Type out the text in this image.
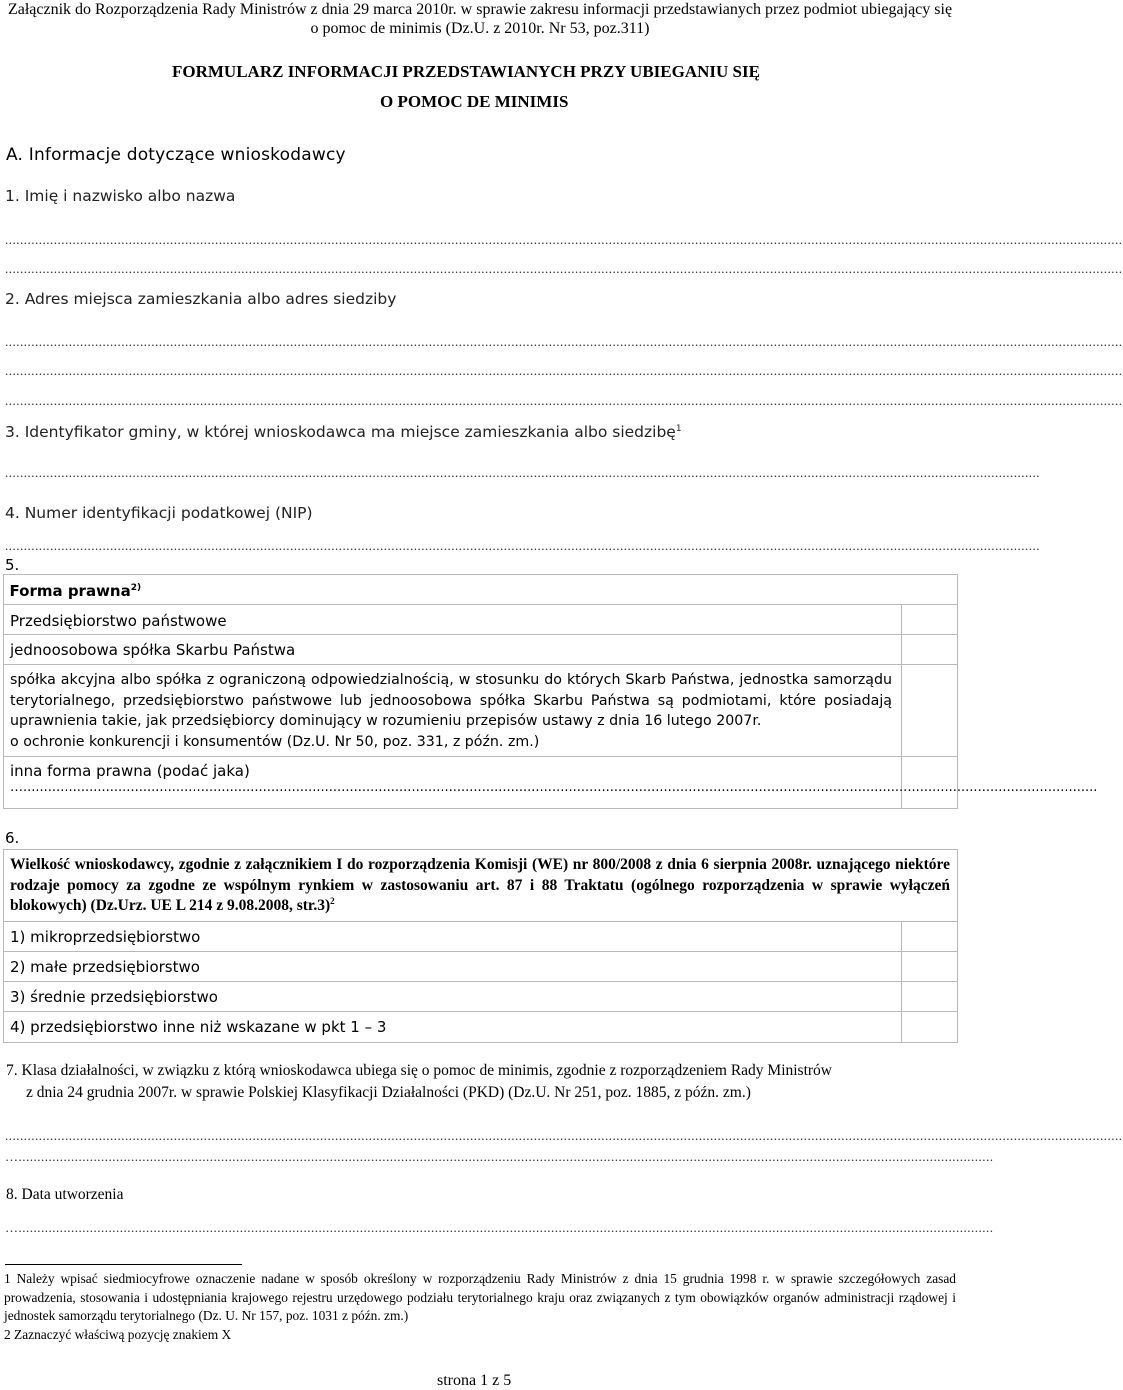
Załącznik do Rozporządzenia Rady Ministrów z dnia 29 marca 2010r. w sprawie zakresu informacji przedstawianych przez podmiot ubiegający się
o pomoc de minimis (Dz.U. z 2010r. Nr 53, poz.311)
FORMULARZ INFORMACJI PRZEDSTAWIANYCH PRZY UBIEGANIU SIĘ
O POMOC DE MINIMIS
A. Informacje dotyczące wnioskodawcy
1. Imię i nazwisko albo nazwa
..........................................................................................................................................................................................................................................................................................................
..........................................................................................................................................................................................................................................................................................................
2. Adres miejsca zamieszkania albo adres siedziby
..........................................................................................................................................................................................................................................................................................................
..........................................................................................................................................................................................................................................................................................................
..........................................................................................................................................................................................................................................................................................................
3. Identyfikator gminy, w której wnioskodawca ma miejsce zamieszkania albo siedzibę$^1$
....................................................................................................................................................................................................................................................................................
4. Numer identyfikacji podatkowej (NIP)
....................................................................................................................................................................................................................................................................................
5.
Forma prawna$^{2)}$

Przedsiębiorstwo państwowe	

jednoosobowa spółka Skarbu Państwa	

spółka akcyjna albo spółka z ograniczoną odpowiedzialnością, w stosunku do których Skarb Państwa, jednostka samorządu terytorialnego, przedsiębiorstwo państwowe lub jednoosobowa spółka Skarbu Państwa są podmiotami, które posiadają uprawnienia takie, jak przedsiębiorcy dominujący w rozumieniu przepisów ustawy z dnia 16 lutego 2007r.
o ochronie konkurencji i konsumentów (Dz.U. Nr 50, poz. 331, z późn. zm.)	

inna forma prawna (podać jaka)
…....................................................................................................................................................................................................................................................................	

6.
Wielkość wnioskodawcy, zgodnie z załącznikiem I do rozporządzenia Komisji (WE) nr 800/2008 z dnia 6 sierpnia 2008r. uznającego niektóre rodzaje pomocy za zgodne ze wspólnym rynkiem w zastosowaniu art. 87 i 88 Traktatu (ogólnego rozporządzenia w sprawie wyłączeń blokowych) (Dz.Urz. UE L 214 z 9.08.2008, str.3)$^2$

1) mikroprzedsiębiorstwo	

2) małe przedsiębiorstwo	

3) średnie przedsiębiorstwo	

4) przedsiębiorstwo inne niż wskazane w pkt 1 – 3	

7. Klasa działalności, w związku z którą wnioskodawca ubiega się o pomoc de minimis, zgodnie z rozporządzeniem Rady Ministrów
z dnia 24 grudnia 2007r. w sprawie Polskiej Klasyfikacji Działalności (PKD) (Dz.U. Nr 251, poz. 1885, z późn. zm.)
..........................................................................................................................................................................................................................................................................................................
…....................................................................................................................................................................................................................................................................
8. Data utworzenia
…....................................................................................................................................................................................................................................................................
1 Należy wpisać siedmiocyfrowe oznaczenie nadane w sposób określony w rozporządzeniu Rady Ministrów z dnia 15 grudnia 1998 r. w sprawie szczegółowych zasad prowadzenia, stosowania i udostępniania krajowego rejestru urzędowego podziału terytorialnego kraju oraz związanych z tym obowiązków organów administracji rządowej i jednostek samorządu terytorialnego (Dz. U. Nr 157, poz. 1031 z późn. zm.)
2 Zaznaczyć właściwą pozycję znakiem X
strona 1 z 5
